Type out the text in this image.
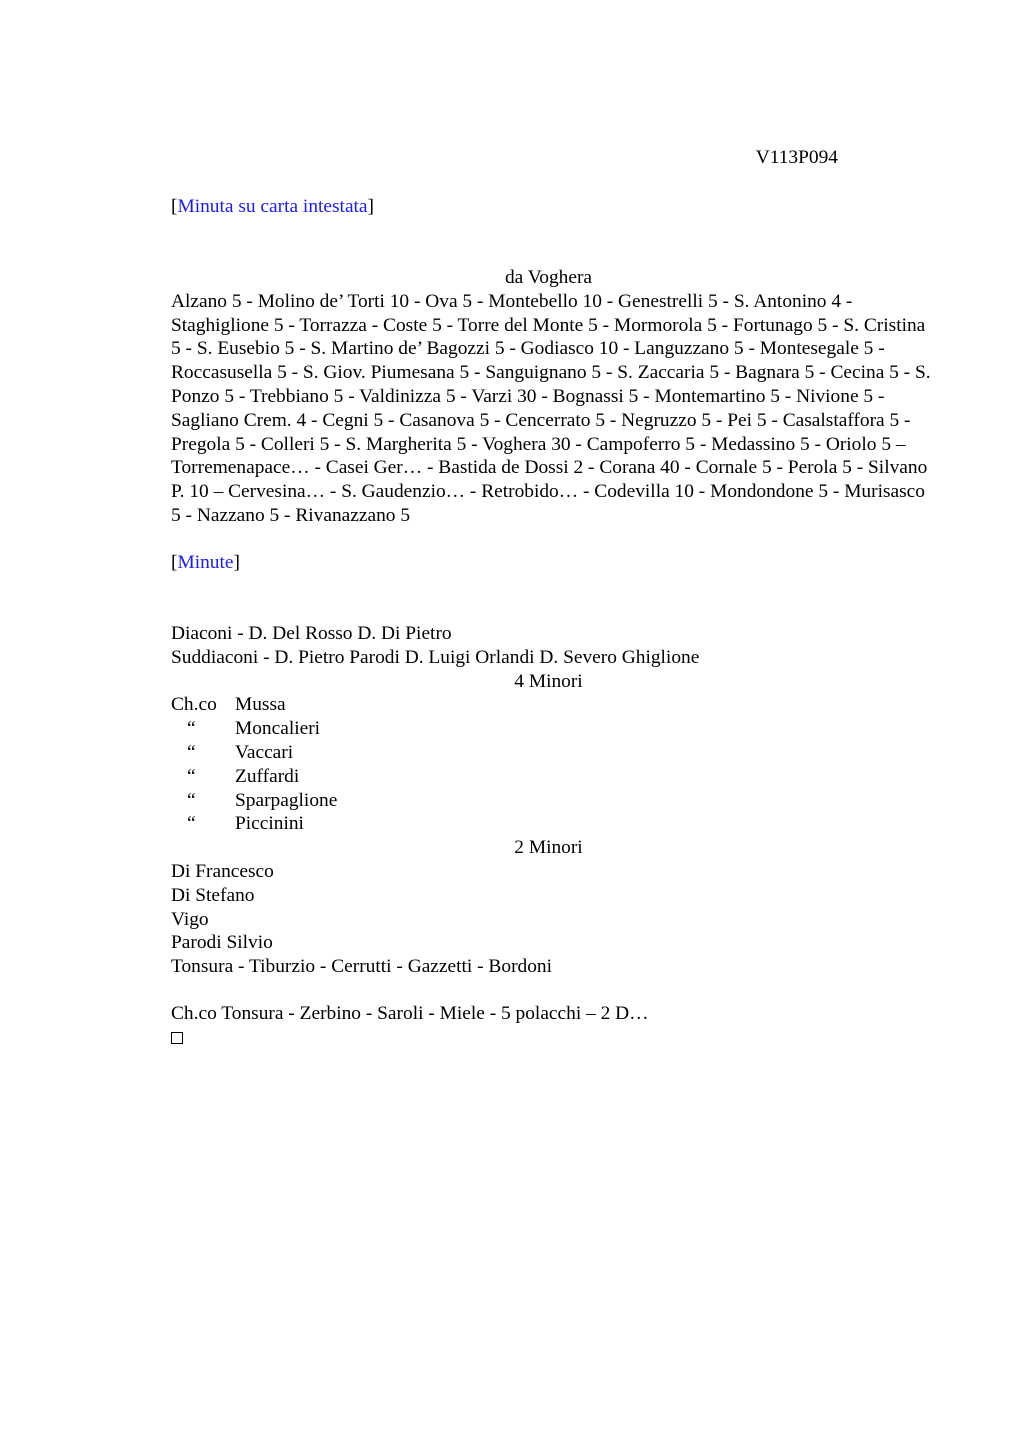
V113P094
[Minuta su carta intestata]
da Voghera
Alzano 5 - Molino de’ Torti 10 - Ova 5 - Montebello 10 - Genestrelli 5 - S. Antonino 4 - Staghiglione 5 - Torrazza - Coste 5 - Torre del Monte 5 - Mormorola 5 - Fortunago 5 - S. Cristina 5 - S. Eusebio 5 - S. Martino de’ Bagozzi 5 - Godiasco 10 - Languzzano 5 - Montesegale 5 - Roccasusella 5 - S. Giov. Piumesana 5 - Sanguignano 5 - S. Zaccaria 5 - Bagnara 5 - Cecina 5 - S. Ponzo 5 - Trebbiano 5 - Valdinizza 5 - Varzi 30 - Bognassi 5 - Montemartino 5 - Nivione 5 - Sagliano Crem. 4 - Cegni 5 - Casanova 5 - Cencerrato 5 - Negruzzo 5 - Pei 5 - Casalstaffora 5 - Pregola 5 - Colleri 5 - S. Margherita 5 - Voghera 30 - Campoferro 5 - Medassino 5 - Oriolo 5 – Torremenapace… - Casei Ger… - Bastida de Dossi 2 - Corana 40 - Cornale 5 - Perola 5 - Silvano P. 10 – Cervesina… - S. Gaudenzio… - Retrobido… - Codevilla 10 - Mondondone 5 - Murisasco 5 - Nazzano 5 - Rivanazzano 5
[Minute]
Diaconi - D. Del Rosso D. Di Pietro
Suddiaconi - D. Pietro Parodi D. Luigi Orlandi D. Severo Ghiglione
4 Minori
Ch.co Mussa
“	Moncalieri
“	Vaccari
“	Zuffardi
“	Sparpaglione
“	Piccinini
2 Minori
Di Francesco
Di Stefano
Vigo
Parodi Silvio
Tonsura - Tiburzio - Cerrutti - Gazzetti - Bordoni
Ch.co Tonsura - Zerbino - Saroli - Miele - 5 polacchi – 2 D…
